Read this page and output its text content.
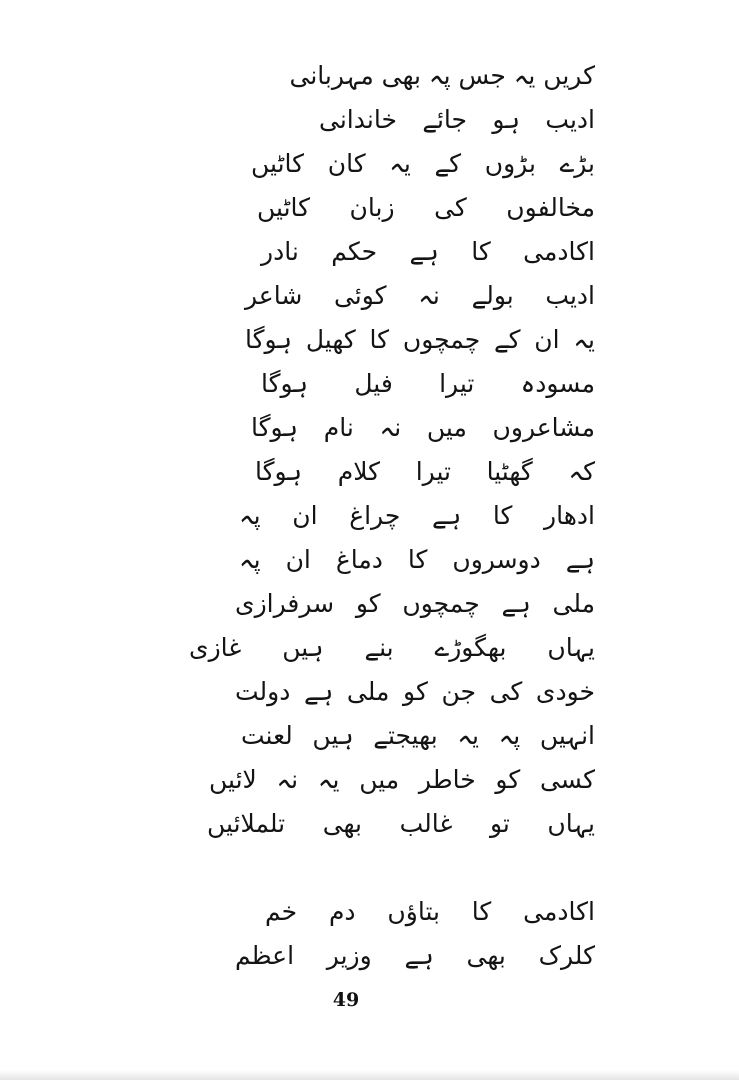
کریں یہ جس پہ بھی مہربانی
ادیب ہو جائے خاندانی
بڑے بڑوں کے یہ کان کاٹیں
مخالفوں کی زبان کاٹیں
اکادمی کا ہے حکم نادر
ادیب بولے نہ کوئی شاعر
یہ ان کے چمچوں کا کھیل ہوگا
مسودہ تیرا فیل ہوگا
مشاعروں میں نہ نام ہوگا
کہ گھٹیا تیرا کلام ہوگا
ادھار کا ہے چراغ ان پہ
ہے دوسروں کا دماغ ان پہ
ملی ہے چمچوں کو سرفرازی
یہاں بھگوڑے بنے ہیں غازی
خودی کی جن کو ملی ہے دولت
انہیں پہ یہ بھیجتے ہیں لعنت
کسی کو خاطر میں یہ نہ لائیں
یہاں تو غالب بھی تلملائیں
اکادمی کا بتاؤں دم خم
کلرک بھی ہے وزیر اعظم
49
